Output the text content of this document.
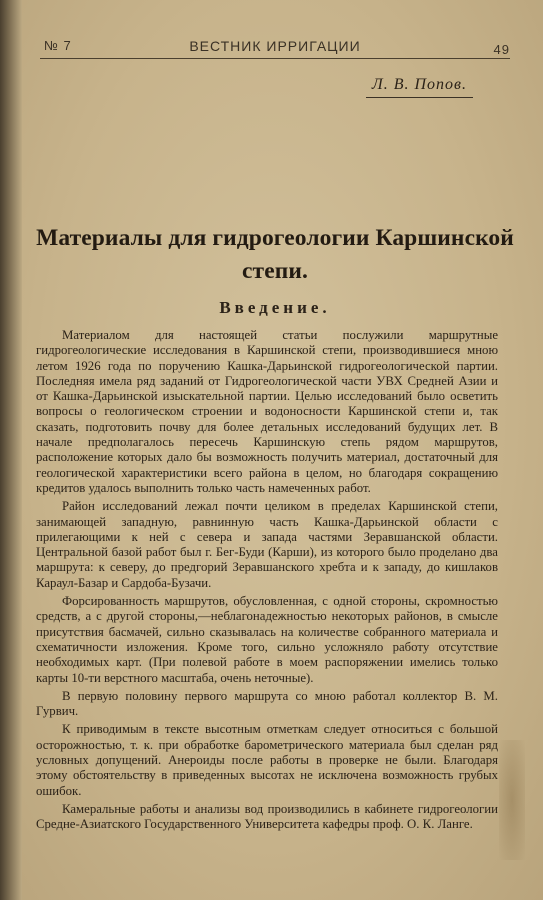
№ 7	ВЕСТНИК ИРРИГАЦИИ	49
Л. В. Попов.
Материалы для гидрогеологии Каршинской степи.
Введение.

Материалом для настоящей статьи послужили маршрутные гидрогеологические исследования в Каршинской степи, производившиеся мною летом 1926 года по поручению Кашка-Дарьинской гидрогеологической партии. Последняя имела ряд заданий от Гидрогеологической части УВХ Средней Азии и от Кашка-Дарьинской изыскательной партии. Целью исследований было осветить вопросы о геологическом строении и водоносности Каршинской степи и, так сказать, подготовить почву для более детальных исследований будущих лет. В начале предполагалось пересечь Каршинскую степь рядом маршрутов, расположение которых дало бы возможность получить материал, достаточный для геологической характеристики всего района в целом, но благодаря сокращению кредитов удалось выполнить только часть намеченных работ.

Район исследований лежал почти целиком в пределах Каршинской степи, занимающей западную, равнинную часть Кашка-Дарьинской области с прилегающими к ней с севера и запада частями Зеравшанской области. Центральной базой работ был г. Бег-Буди (Карши), из которого было проделано два маршрута: к северу, до предгорий Зеравшанского хребта и к западу, до кишлаков Караул-Базар и Сардоба-Бузачи.

Форсированность маршрутов, обусловленная, с одной стороны, скромностью средств, а с другой стороны,—неблагонадежностью некоторых районов, в смысле присутствия басмачей, сильно сказывалась на количестве собранного материала и схематичности изложения. Кроме того, сильно усложняло работу отсутствие необходимых карт. (При полевой работе в моем распоряжении имелись только карты 10-ти верстного масштаба, очень неточные).

В первую половину первого маршрута со мною работал коллектор В. М. Гурвич.

К приводимым в тексте высотным отметкам следует относиться с большой осторожностью, т. к. при обработке барометрического материала был сделан ряд условных допущений. Анероиды после работы в проверке не были. Благодаря этому обстоятельству в приведенных высотах не исключена возможность грубых ошибок.

Камеральные работы и анализы вод производились в кабинете гидрогеологии Средне-Азиатского Государственного Университета кафедры проф. О. К. Ланге.
